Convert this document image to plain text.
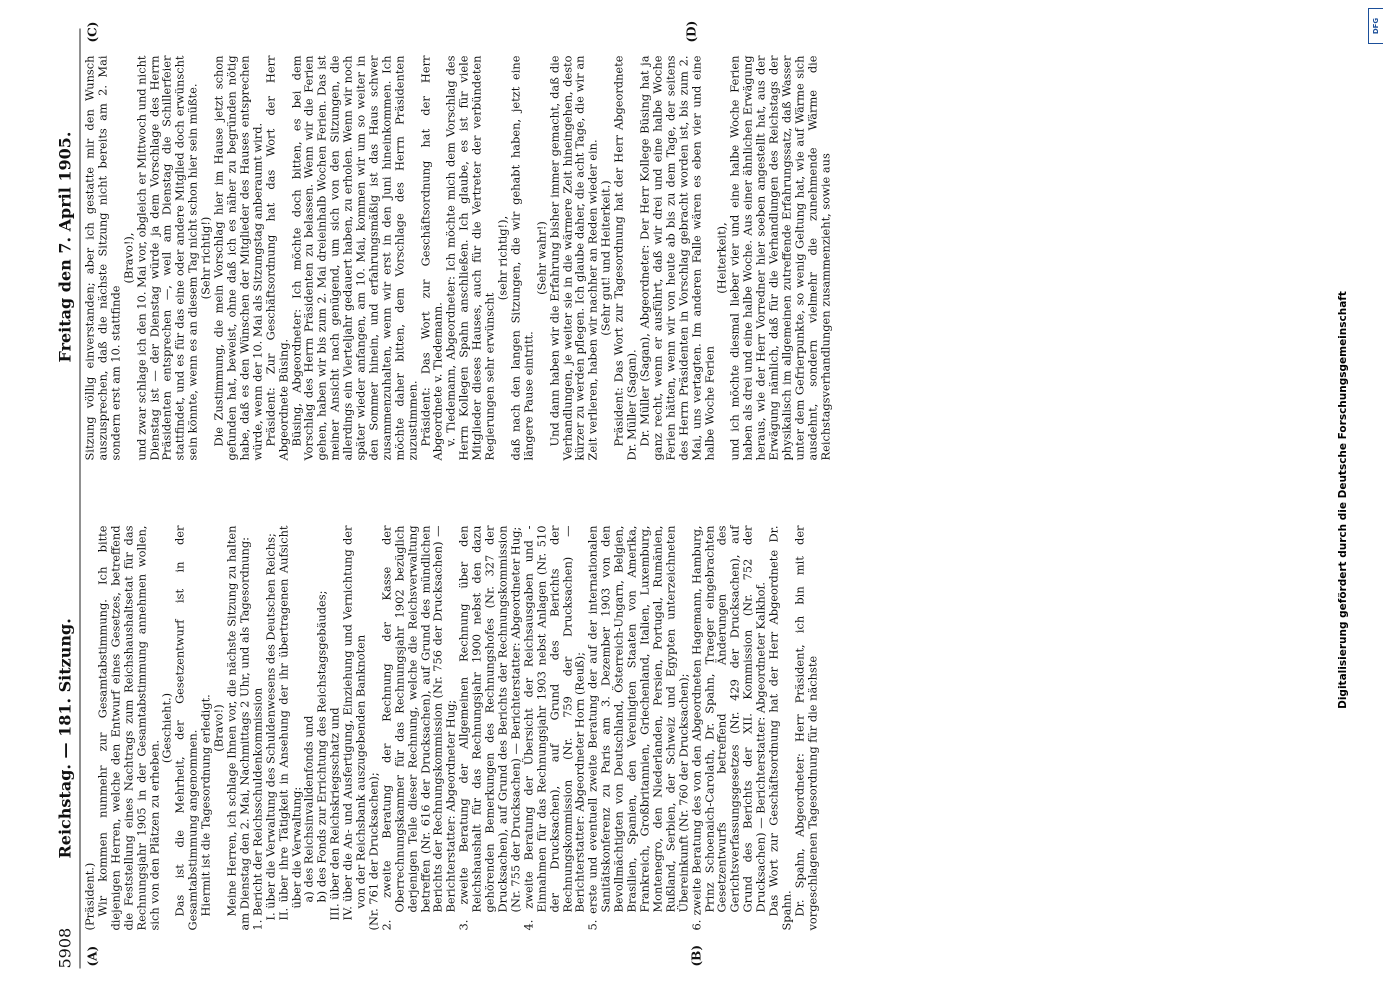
5908
Reichstag. — 181. Sitzung.
Freitag den 7. April 1905.
(A)	(B)
(C)	(D)

(Präsident.)

Wir kommen nunmehr zur Gesamtabstimmung. Ich bitte diejenigen Herren, welche den Entwurf eines Gesetzes, betreffend die Feststellung eines Nachtrags zum Reichshaushaltsetat für das Rechnungsjahr 1905 in der Gesamtabstimmung annehmen wollen, sich von den Plätzen zu erheben.

(Geschieht.)

Das ist die Mehrheit, der Gesetzentwurf ist in der Gesamtabstimmung angenommen.

Hiermit ist die Tagesordnung erledigt.

(Bravo!)

Meine Herren, ich schlage Ihnen vor, die nächste Sitzung zu halten am Dienstag den 2. Mai, Nachmittags 2 Uhr, und als Tagesordnung:

1. Bericht der Reichsschuldenkommission

I. über die Verwaltung des Schuldenwesens des Deutschen Reichs;

II. über ihre Tätigkeit in Ansehung der ihr übertragenen Aufsicht über die Verwaltung:

a) des Reichsinvalidenfonds und

b) des Fonds zur Errichtung des Reichstagsgebäudes;

III. über den Reichskriegsschatz und

IV. über die An- und Ausfertigung, Einziehung und Vernichtung der von der Reichsbank auszugebenden Banknoten

(Nr. 761 der Drucksachen);

2. zweite Beratung der Rechnung der Kasse der Oberrechnungskammer für das Rechnungsjahr 1902 bezüglich derjenigen Teile dieser Rechnung, welche die Reichsverwaltung betreffen (Nr. 616 der Drucksachen), auf Grund des mündlichen Berichts der Rechnungskommission (Nr. 756 der Drucksachen) — Berichterstatter: Abgeordneter Hug;

3. zweite Beratung der Allgemeinen Rechnung über den Reichshaushalt für das Rechnungsjahr 1900 nebst den dazu gehörenden Bemerkungen des Rechnungshofes (Nr. 327 der Drucksachen), auf Grund des Berichts der Rechnungskommission (Nr. 755 der Drucksachen) — Berichterstatter: Abgeordneter Hug;

4. zweite Beratung der Übersicht der Reichsausgaben und -Einnahmen für das Rechnungsjahr 1903 nebst Anlagen (Nr. 510 der Drucksachen), auf Grund des Berichts der Rechnungskommission (Nr. 759 der Drucksachen) — Berichterstatter: Abgeordneter Horn (Reuß);

5. erste und eventuell zweite Beratung der auf der internationalen Sanitätskonferenz zu Paris am 3. Dezember 1903 von den Bevollmächtigten von Deutschland, Österreich-Ungarn, Belgien, Brasilien, Spanien, den Vereinigten Staaten von Amerika, Frankreich, Großbritannien, Griechenland, Italien, Luxemburg, Montenegro, den Niederlanden, Persien, Portugal, Rumänien, Rußland, Serbien, der Schweiz und Egypten unterzeichneten Übereinkunft (Nr. 760 der Drucksachen);

6. zweite Beratung des von den Abgeordneten Hagemann, Hamburg, Prinz Schoenaich-Carolath, Dr. Spahn, Traeger eingebrachten Gesetzentwurfs betreffend Änderungen des Gerichtsverfassungsgesetzes (Nr. 429 der Drucksachen), auf Grund des Berichts der XII. Kommission (Nr. 752 der Drucksachen) — Berichterstatter: Abgeordneter Kalkhof.

Das Wort zur Geschäftsordnung hat der Herr Abgeordnete Dr. Spahn.

Dr. Spahn, Abgeordneter: Herr Präsident, ich bin mit der vorgeschlagenen Tagesordnung für die nächste

Sitzung völlig einverstanden; aber ich gestatte mir den Wunsch auszusprechen, daß die nächste Sitzung nicht bereits am 2. Mai sondern erst am 10. stattfinde

(Bravo!),

und zwar schlage ich den 10. Mai vor, obgleich er Mittwoch und nicht Dienstag ist — der Dienstag würde ja dem Vorschlage des Herrn Präsidenten entsprechen —, weil am Dienstag die Schillerfeier stattfindet, und es für das eine oder andere Mitglied doch erwünscht sein könnte, wenn es an diesem Tag nicht schon hier sein müßte.

(Sehr richtig!)

Die Zustimmung, die mein Vorschlag hier im Hause jetzt schon gefunden hat, beweist, ohne daß ich es näher zu begründen nötig habe, daß es den Wünschen der Mitglieder des Hauses entsprechen würde, wenn der 10. Mai als Sitzungstag anberaumt wird.

Präsident: Zur Geschäftsordnung hat das Wort der Herr Abgeordnete Büsing.

Büsing, Abgeordneter: Ich möchte doch bitten, es bei dem Vorschlag des Herrn Präsidenten zu belassen. Wenn wir die Ferien gehen, haben wir bis zum 2. Mai dreieinhalb Wochen Ferien. Das ist meiner Ansicht nach genügend, um sich von den Sitzungen, die allerdings ein Vierteljahr gedauert haben, zu erholen. Wenn wir noch später wieder anfangen, am 10. Mai, kommen wir um so weiter in den Sommer hinein, und erfahrungsmäßig ist das Haus schwer zusammenzuhalten, wenn wir erst in den Juni hineinkommen. Ich möchte daher bitten, dem Vorschlage des Herrn Präsidenten zuzustimmen.

Präsident: Das Wort zur Geschäftsordnung hat der Herr Abgeordnete v. Tiedemann.

v. Tiedemann, Abgeordneter: Ich möchte mich dem Vorschlag des Herrn Kollegen Spahn anschließen. Ich glaube, es ist für viele Mitglieder dieses Hauses, auch für die Vertreter der verbündeten Regierungen sehr erwünscht

(sehr richtig!),

daß nach den langen Sitzungen, die wir gehabt haben, jetzt eine längere Pause eintritt.

(Sehr wahr!)

Und dann haben wir die Erfahrung bisher immer gemacht, daß die Verhandlungen, je weiter sie in die wärmere Zeit hineingehen, desto kürzer zu werden pflegen. Ich glaube daher, die acht Tage, die wir an Zeit verlieren, haben wir nachher an Reden wieder ein.

(Sehr gut! und Heiterkeit.)

Präsident: Das Wort zur Tagesordnung hat der Herr Abgeordnete Dr. Müller (Sagan).

Dr. Müller (Sagan), Abgeordneter: Der Herr Kollege Büsing hat ja ganz recht, wenn er ausführt, daß wir drei und eine halbe Woche Ferien hätten, wenn wir von heute ab bis zu dem Tage, der seitens des Herrn Präsidenten in Vorschlag gebracht worden ist, bis zum 2. Mai, uns vertagten. Im anderen Falle wären es eben vier und eine halbe Woche Ferien

(Heiterkeit),

und ich möchte diesmal lieber vier und eine halbe Woche Ferien haben als drei und eine halbe Woche. Aus einer ähnlichen Erwägung heraus, wie der Herr Vorredner hier soeben angestellt hat, aus der Erwägung nämlich, daß für die Verhandlungen des Reichstags der physikalisch im allgemeinen zutreffende Erfahrungssatz, daß Wasser unter dem Gefrierpunkte, so wenig Geltung hat, wie auf Wärme sich ausdehnt, sondern vielmehr die zunehmende Wärme die Reichstagsverhandlungen zusammenzieht, sowie aus	Digitalisierung gefördert durch die Deutsche Forschungsgemeinschaft
DFG
